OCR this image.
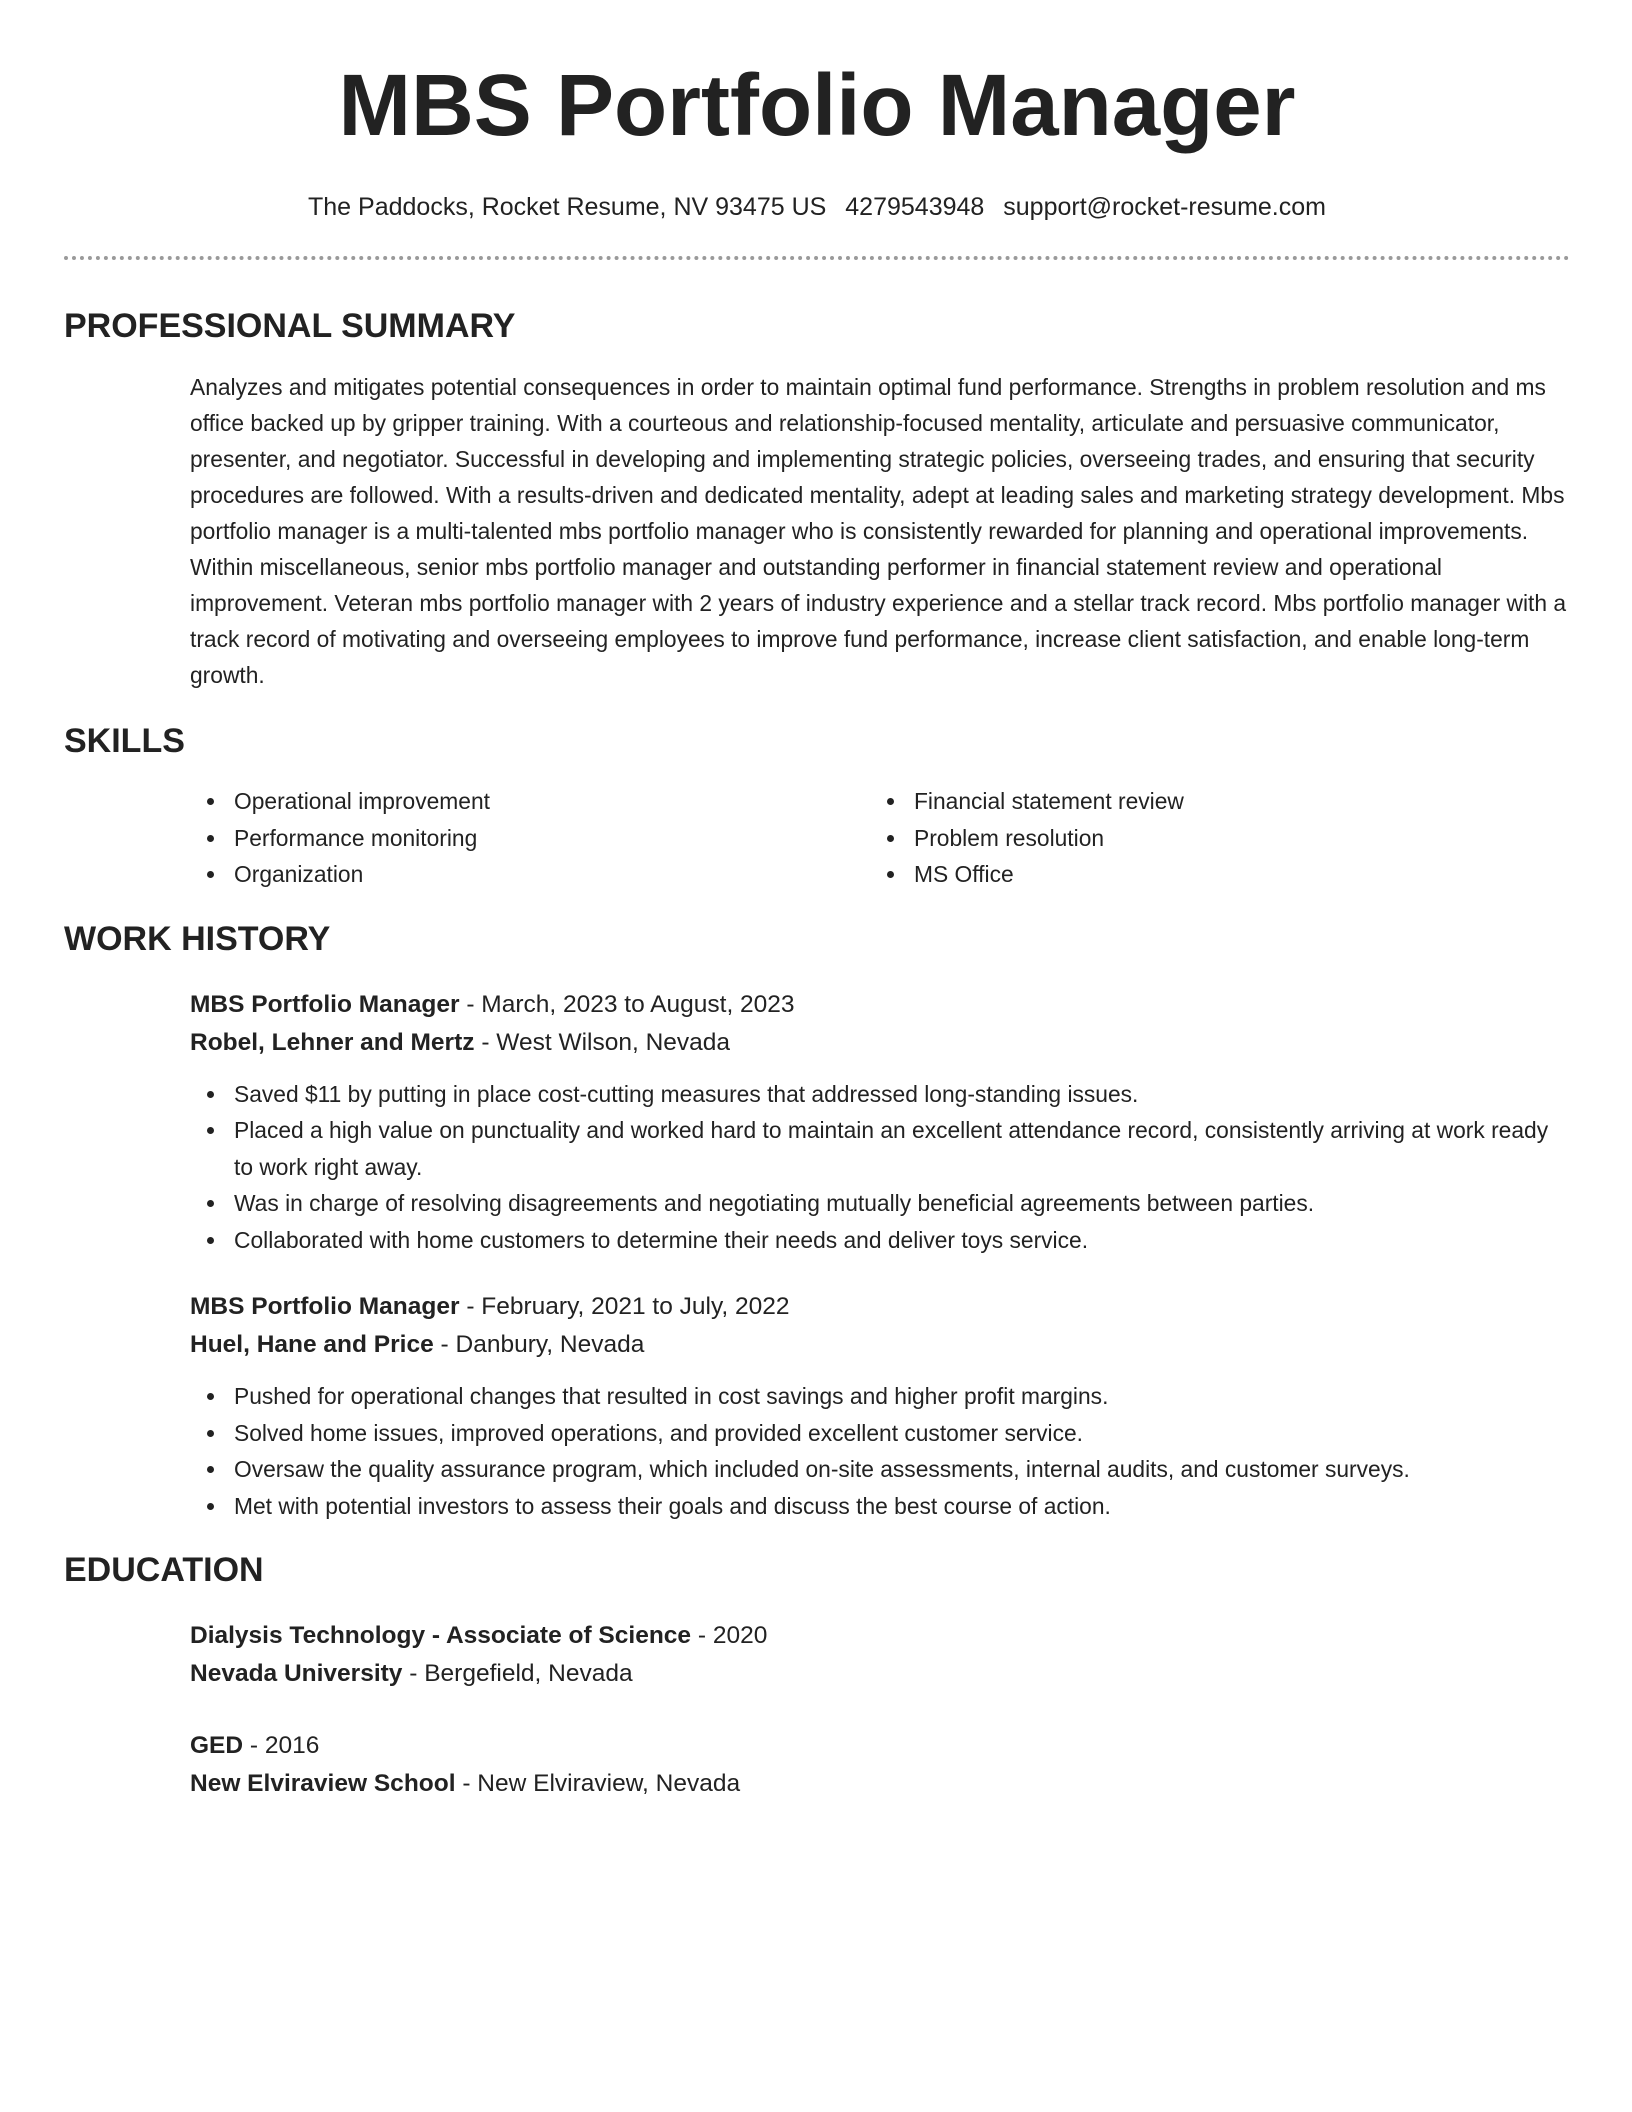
MBS Portfolio Manager
The Paddocks, Rocket Resume, NV 93475 US 4279543948 support@rocket-resume.com
PROFESSIONAL SUMMARY

Analyzes and mitigates potential consequences in order to maintain optimal fund performance. Strengths in problem resolution and ms office backed up by gripper training. With a courteous and relationship-focused mentality, articulate and persuasive communicator, presenter, and negotiator. Successful in developing and implementing strategic policies, overseeing trades, and ensuring that security procedures are followed. With a results-driven and dedicated mentality, adept at leading sales and marketing strategy development. Mbs portfolio manager is a multi-talented mbs portfolio manager who is consistently rewarded for planning and operational improvements. Within miscellaneous, senior mbs portfolio manager and outstanding performer in financial statement review and operational improvement. Veteran mbs portfolio manager with 2 years of industry experience and a stellar track record. Mbs portfolio manager with a track record of motivating and overseeing employees to improve fund performance, increase client satisfaction, and enable long-term growth.

SKILLS
Operational improvement
Performance monitoring
Organization
Financial statement review
Problem resolution
MS Office
WORK HISTORY
MBS Portfolio Manager - March, 2023 to August, 2023
Robel, Lehner and Mertz - West Wilson, Nevada
Saved $11 by putting in place cost-cutting measures that addressed long-standing issues.
Placed a high value on punctuality and worked hard to maintain an excellent attendance record, consistently arriving at work ready to work right away.
Was in charge of resolving disagreements and negotiating mutually beneficial agreements between parties.
Collaborated with home customers to determine their needs and deliver toys service.
MBS Portfolio Manager - February, 2021 to July, 2022
Huel, Hane and Price - Danbury, Nevada
Pushed for operational changes that resulted in cost savings and higher profit margins.
Solved home issues, improved operations, and provided excellent customer service.
Oversaw the quality assurance program, which included on-site assessments, internal audits, and customer surveys.
Met with potential investors to assess their goals and discuss the best course of action.
EDUCATION
Dialysis Technology - Associate of Science - 2020
Nevada University - Bergefield, Nevada
GED - 2016
New Elviraview School - New Elviraview, Nevada
